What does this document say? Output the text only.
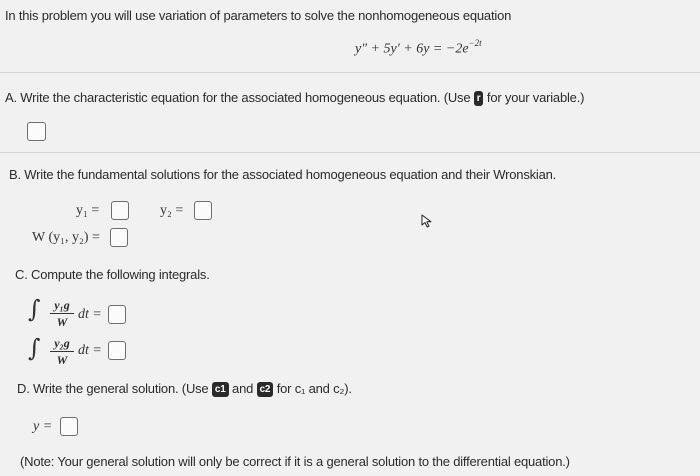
In this problem you will use variation of parameters to solve the nonhomogeneous equation
$y'' + 5y' + 6y = -2e^{-2t}$
A. Write the characteristic equation for the associated homogeneous equation. (Use r for your variable.)
B. Write the fundamental solutions for the associated homogeneous equation and their Wronskian.
y₁ =	y₂ =
W (y₁, y₂) =
C. Compute the following integrals.
∫	y₁g
W dt =
∫	y₂g
W
dt =
D. Write the general solution. (Use c1 and c2 for c₁ and c₂).
y =
(Note: Your general solution will only be correct if it is a general solution to the differential equation.)
